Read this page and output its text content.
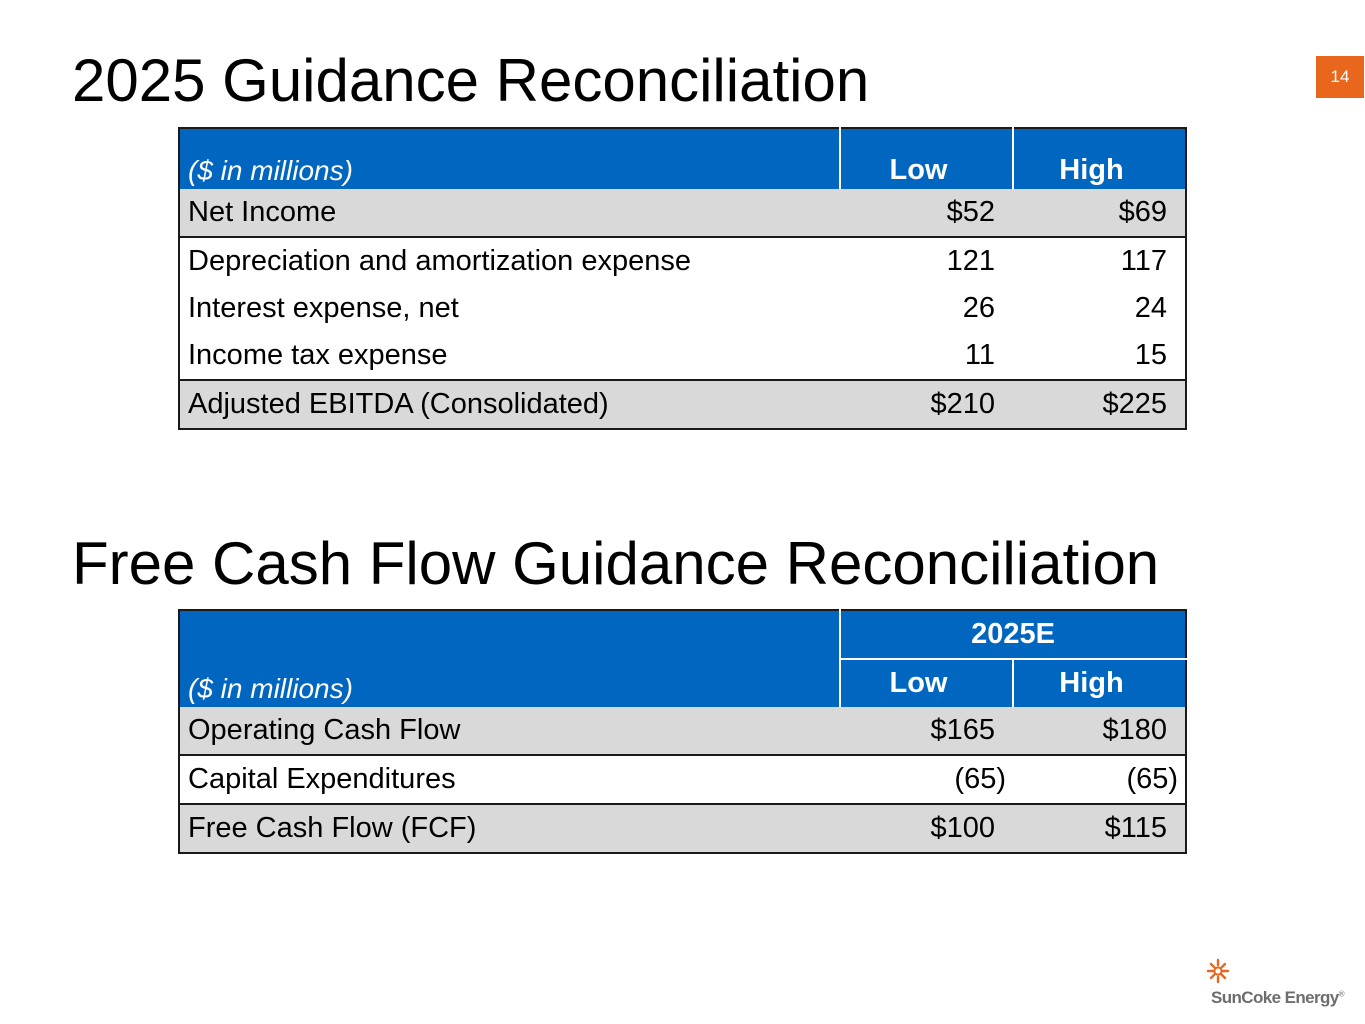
2025 Guidance Reconciliation	14
($ in millions)	Low	High
Net Income	$52	$69
Depreciation and amortization expense	121	117
Interest expense, net	26	24
Income tax expense	11	15
Adjusted EBITDA (Consolidated)	$210	$225
Free Cash Flow Guidance Reconciliation
($ in millions)	2025E	
	Low	High
Operating Cash Flow	$165	$180
Capital Expenditures	(65)	(65)
Free Cash Flow (FCF)	$100	$115
SunCoke Energy®
